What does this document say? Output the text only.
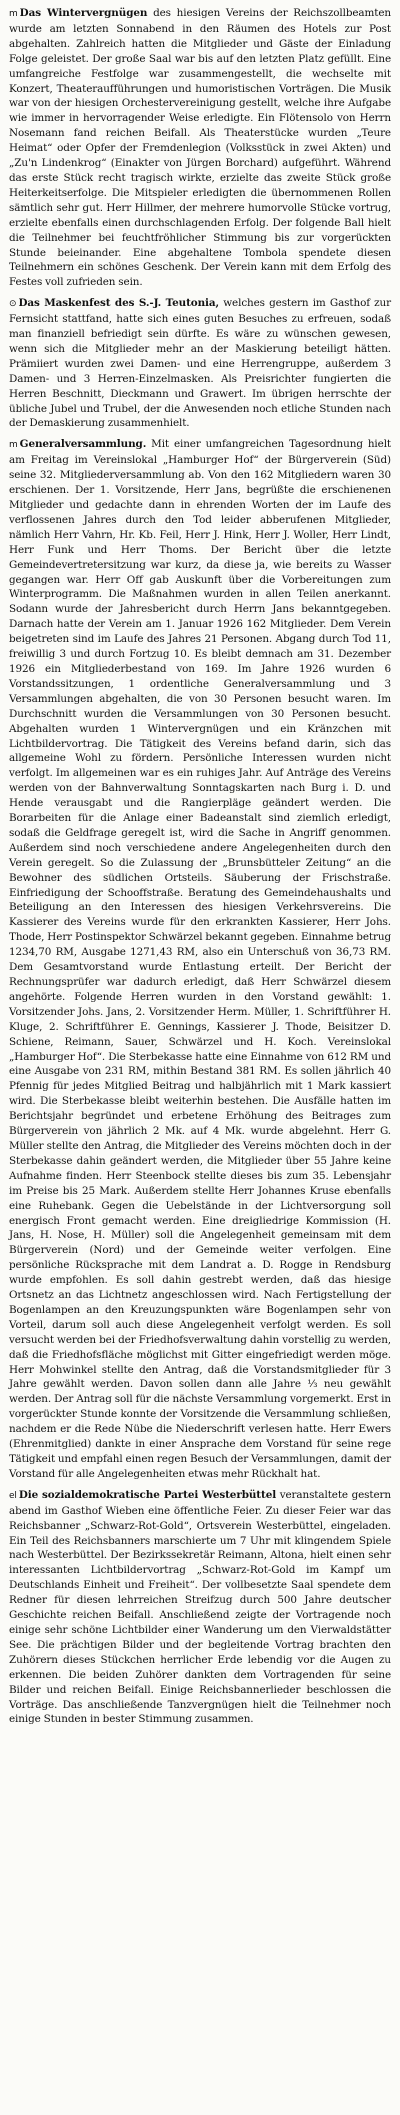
m Das Wintervergnügen des hiesigen Vereins der Reichszollbeamten wurde am letzten Sonnabend in den Räumen des Hotels zur Post abgehalten. Zahlreich hatten die Mitglieder und Gäste der Einladung Folge geleistet. Der große Saal war bis auf den letzten Platz gefüllt. Eine umfangreiche Festfolge war zusammengestellt, die wechselte mit Konzert, Theateraufführungen und humoristischen Vorträgen. Die Musik war von der hiesigen Orchestervereinigung gestellt, welche ihre Aufgabe wie immer in hervorragender Weise erledigte. Ein Flötensolo von Herrn Nosemann fand reichen Beifall. Als Theaterstücke wurden „Teure Heimat“ oder Opfer der Fremdenlegion (Volksstück in zwei Akten) und „Zu'n Lindenkrog“ (Einakter von Jürgen Borchard) aufgeführt. Während das erste Stück recht tragisch wirkte, erzielte das zweite Stück große Heiterkeitserfolge. Die Mitspieler erledigten die übernommenen Rollen sämtlich sehr gut. Herr Hillmer, der mehrere humorvolle Stücke vortrug, erzielte ebenfalls einen durchschlagenden Erfolg. Der folgende Ball hielt die Teilnehmer bei feuchtfröhlicher Stimmung bis zur vorgerückten Stunde beieinander. Eine abgehaltene Tombola spendete diesen Teilnehmern ein schönes Geschenk. Der Verein kann mit dem Erfolg des Festes voll zufrieden sein.

⊙ Das Maskenfest des S.-J. Teutonia, welches gestern im Gasthof zur Fernsicht stattfand, hatte sich eines guten Besuches zu erfreuen, sodaß man finanziell befriedigt sein dürfte. Es wäre zu wünschen gewesen, wenn sich die Mitglieder mehr an der Maskierung beteiligt hätten. Prämiiert wurden zwei Damen- und eine Herrengruppe, außerdem 3 Damen- und 3 Herren-Einzelmasken. Als Preisrichter fungierten die Herren Beschnitt, Dieckmann und Grawert. Im übrigen herrschte der übliche Jubel und Trubel, der die Anwesenden noch etliche Stunden nach der Demaskierung zusammenhielt.

m Generalversammlung. Mit einer umfangreichen Tagesordnung hielt am Freitag im Vereinslokal „Hamburger Hof“ der Bürgerverein (Süd) seine 32. Mitgliederversammlung ab. Von den 162 Mitgliedern waren 30 erschienen. Der 1. Vorsitzende, Herr Jans, begrüßte die erschienenen Mitglieder und gedachte dann in ehrenden Worten der im Laufe des verflossenen Jahres durch den Tod leider abberufenen Mitglieder, nämlich Herr Vahrn, Hr. Kb. Feil, Herr J. Hink, Herr J. Woller, Herr Lindt, Herr Funk und Herr Thoms. Der Bericht über die letzte Gemeindevertretersitzung war kurz, da diese ja, wie bereits zu Wasser gegangen war. Herr Off gab Auskunft über die Vorbereitungen zum Winterprogramm. Die Maßnahmen wurden in allen Teilen anerkannt. Sodann wurde der Jahresbericht durch Herrn Jans bekanntgegeben. Darnach hatte der Verein am 1. Januar 1926 162 Mitglieder. Dem Verein beigetreten sind im Laufe des Jahres 21 Personen. Abgang durch Tod 11, freiwillig 3 und durch Fortzug 10. Es bleibt demnach am 31. Dezember 1926 ein Mitgliederbestand von 169. Im Jahre 1926 wurden 6 Vorstandssitzungen, 1 ordentliche Generalversammlung und 3 Versammlungen abgehalten, die von 30 Personen besucht waren. Im Durchschnitt wurden die Versammlungen von 30 Personen besucht. Abgehalten wurden 1 Wintervergnügen und ein Kränzchen mit Lichtbildervortrag. Die Tätigkeit des Vereins befand darin, sich das allgemeine Wohl zu fördern. Persönliche Interessen wurden nicht verfolgt. Im allgemeinen war es ein ruhiges Jahr. Auf Anträge des Vereins werden von der Bahnverwaltung Sonntagskarten nach Burg i. D. und Hende verausgabt und die Rangierpläge geändert werden. Die Borarbeiten für die Anlage einer Badeanstalt sind ziemlich erledigt, sodaß die Geldfrage geregelt ist, wird die Sache in Angriff genommen. Außerdem sind noch verschiedene andere Angelegenheiten durch den Verein geregelt. So die Zulassung der „Brunsbütteler Zeitung“ an die Bewohner des südlichen Ortsteils. Säuberung der Frischstraße. Einfriedigung der Schooffstraße. Beratung des Gemeindehaushalts und Beteiligung an den Interessen des hiesigen Verkehrsvereins. Die Kassierer des Vereins wurde für den erkrankten Kassierer, Herr Johs. Thode, Herr Postinspektor Schwärzel bekannt gegeben. Einnahme betrug 1234,70 RM, Ausgabe 1271,43 RM, also ein Unterschuß von 36,73 RM. Dem Gesamtvorstand wurde Entlastung erteilt. Der Bericht der Rechnungsprüfer war dadurch erledigt, daß Herr Schwärzel diesem angehörte. Folgende Herren wurden in den Vorstand gewählt: 1. Vorsitzender Johs. Jans, 2. Vorsitzender Herm. Müller, 1. Schriftführer H. Kluge, 2. Schriftführer E. Gennings, Kassierer J. Thode, Beisitzer D. Schiene, Reimann, Sauer, Schwärzel und H. Koch. Vereinslokal „Hamburger Hof“. Die Sterbekasse hatte eine Einnahme von 612 RM und eine Ausgabe von 231 RM, mithin Bestand 381 RM. Es sollen jährlich 40 Pfennig für jedes Mitglied Beitrag und halbjährlich mit 1 Mark kassiert wird. Die Sterbekasse bleibt weiterhin bestehen. Die Ausfälle hatten im Berichtsjahr begründet und erbetene Erhöhung des Beitrages zum Bürgerverein von jährlich 2 Mk. auf 4 Mk. wurde abgelehnt. Herr G. Müller stellte den Antrag, die Mitglieder des Vereins möchten doch in der Sterbekasse dahin geändert werden, die Mitglieder über 55 Jahre keine Aufnahme finden. Herr Steenbock stellte dieses bis zum 35. Lebensjahr im Preise bis 25 Mark. Außerdem stellte Herr Johannes Kruse ebenfalls eine Ruhebank. Gegen die Uebelstände in der Lichtversorgung soll energisch Front gemacht werden. Eine dreigliedrige Kommission (H. Jans, H. Nose, H. Müller) soll die Angelegenheit gemeinsam mit dem Bürgerverein (Nord) und der Gemeinde weiter verfolgen. Eine persönliche Rücksprache mit dem Landrat a. D. Rogge in Rendsburg wurde empfohlen. Es soll dahin gestrebt werden, daß das hiesige Ortsnetz an das Lichtnetz angeschlossen wird. Nach Fertigstellung der Bogenlampen an den Kreuzungspunkten wäre Bogenlampen sehr von Vorteil, darum soll auch diese Angelegenheit verfolgt werden. Es soll versucht werden bei der Friedhofsverwaltung dahin vorstellig zu werden, daß die Friedhofsfläche möglichst mit Gitter eingefriedigt werden möge. Herr Mohwinkel stellte den Antrag, daß die Vorstandsmitglieder für 3 Jahre gewählt werden. Davon sollen dann alle Jahre ⅓ neu gewählt werden. Der Antrag soll für die nächste Versammlung vorgemerkt. Erst in vorgerückter Stunde konnte der Vorsitzende die Versammlung schließen, nachdem er die Rede Nübe die Niederschrift verlesen hatte. Herr Ewers (Ehrenmitglied) dankte in einer Ansprache dem Vorstand für seine rege Tätigkeit und empfahl einen regen Besuch der Versammlungen, damit der Vorstand für alle Angelegenheiten etwas mehr Rückhalt hat.

el Die sozialdemokratische Partei Westerbüttel veranstaltete gestern abend im Gasthof Wieben eine öffentliche Feier. Zu dieser Feier war das Reichsbanner „Schwarz-Rot-Gold“, Ortsverein Westerbüttel, eingeladen. Ein Teil des Reichsbanners marschierte um 7 Uhr mit klingendem Spiele nach Westerbüttel. Der Bezirkssekretär Reimann, Altona, hielt einen sehr interessanten Lichtbildervortrag „Schwarz-Rot-Gold im Kampf um Deutschlands Einheit und Freiheit“. Der vollbesetzte Saal spendete dem Redner für diesen lehrreichen Streifzug durch 500 Jahre deutscher Geschichte reichen Beifall. Anschließend zeigte der Vortragende noch einige sehr schöne Lichtbilder einer Wanderung um den Vierwaldstätter See. Die prächtigen Bilder und der begleitende Vortrag brachten den Zuhörern dieses Stückchen herrlicher Erde lebendig vor die Augen zu erkennen. Die beiden Zuhörer dankten dem Vortragenden für seine Bilder und reichen Beifall. Einige Reichsbannerlieder beschlossen die Vorträge. Das anschließende Tanzvergnügen hielt die Teilnehmer noch einige Stunden in bester Stimmung zusammen.
